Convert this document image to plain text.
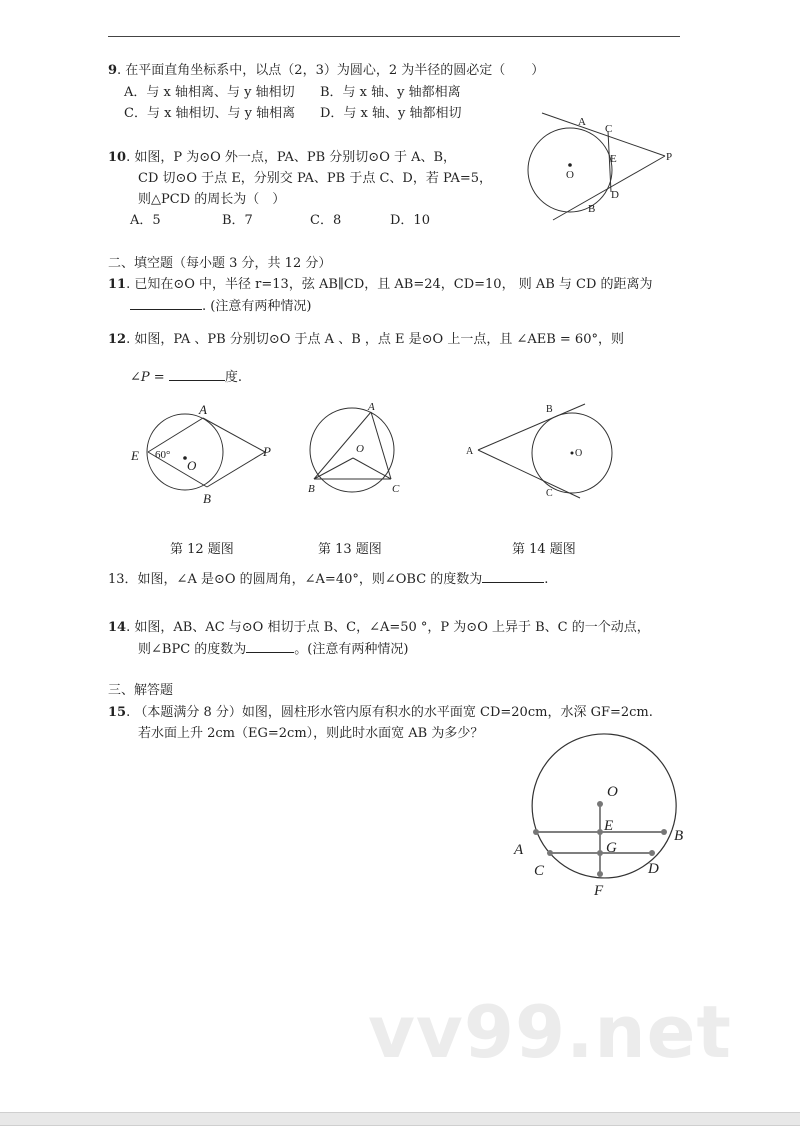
9. 在平面直角坐标系中，以点（2，3）为圆心，2 为半径的圆必定（　　）
A．与 x 轴相离、与 y 轴相切 B．与 x 轴、y 轴都相离
C．与 x 轴相切、与 y 轴相离 D．与 x 轴、y 轴都相切
10. 如图，P 为⊙O 外一点，PA、PB 分别切⊙O 于 A、B，
CD 切⊙O 于点 E，分别交 PA、PB 于点 C、D，若 PA=5，
则△PCD 的周长为（　）
A．5	B．7	C．8	D．10
A
C
E
O
P
D
B
二、填空题（每小题 3 分，共 12 分）
11. 已知在⊙O 中，半径 r=13，弦 AB∥CD，且 AB=24，CD=10， 则 AB 与 CD 的距离为
. (注意有两种情况)
12. 如图，PA 、PB 分别切⊙O 于点 A 、B ，点 E 是⊙O 上一点，且 ∠AEB = 60°，则
∠P =	度.
A
E 60°
O
P
B
A
O
B	C
B
A	O
C
第 12 题图	第 13 题图	第 14 题图
13．如图，∠A 是⊙O 的圆周角，∠A=40°，则∠OBC 的度数为	.
14. 如图，AB、AC 与⊙O 相切于点 B、C，∠A=50 °，P 为⊙O 上异于 B、C 的一个动点，
则∠BPC 的度数为	。(注意有两种情况)
三、解答题
15. （本题满分 8 分）如图，圆柱形水管内原有积水的水平面宽 CD=20cm，水深 GF=2cm.
若水面上升 2cm（EG=2cm），则此时水面宽 AB 为多少？
O
E
G
A
B
C	D
F
vv99.net
